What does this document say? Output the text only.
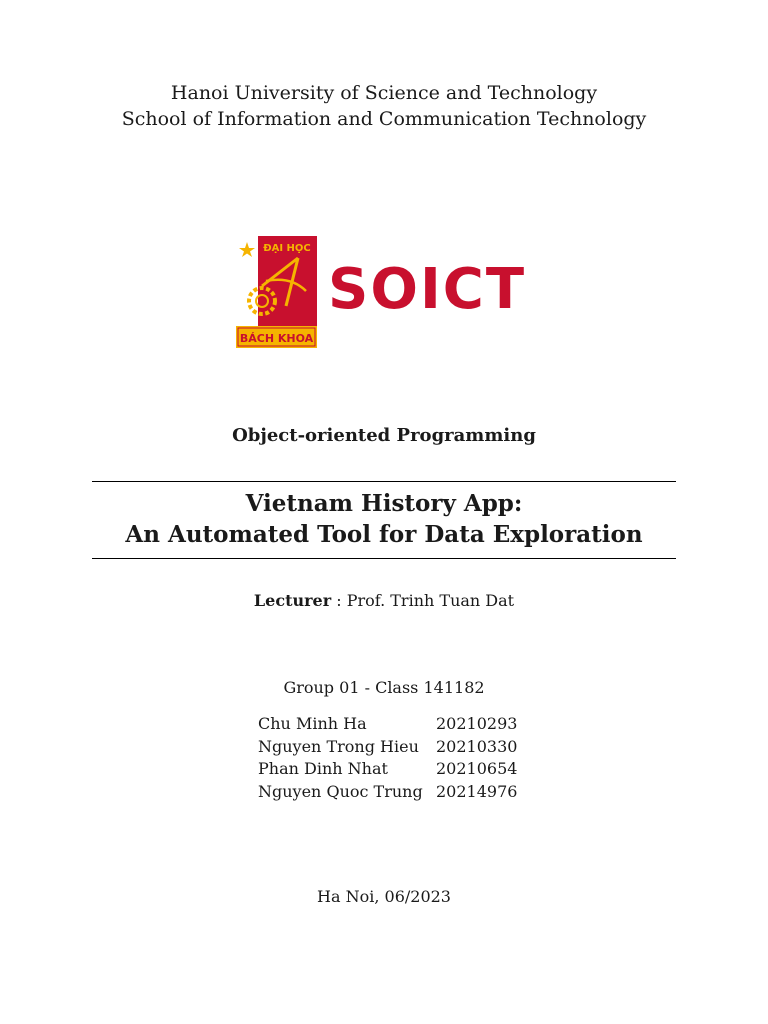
Hanoi University of Science and Technology
School of Information and Communication Technology
ĐẠI HỌC
BÁCH KHOA
SOICT
Object-oriented Programming
Vietnam History App:
An Automated Tool for Data Exploration
Lecturer : Prof. Trinh Tuan Dat
Group 01 - Class 141182
Chu Minh Ha	20210293
Nguyen Trong Hieu	20210330
Phan Dinh Nhat	20210654
Nguyen Quoc Trung	20214976
Ha Noi, 06/2023
